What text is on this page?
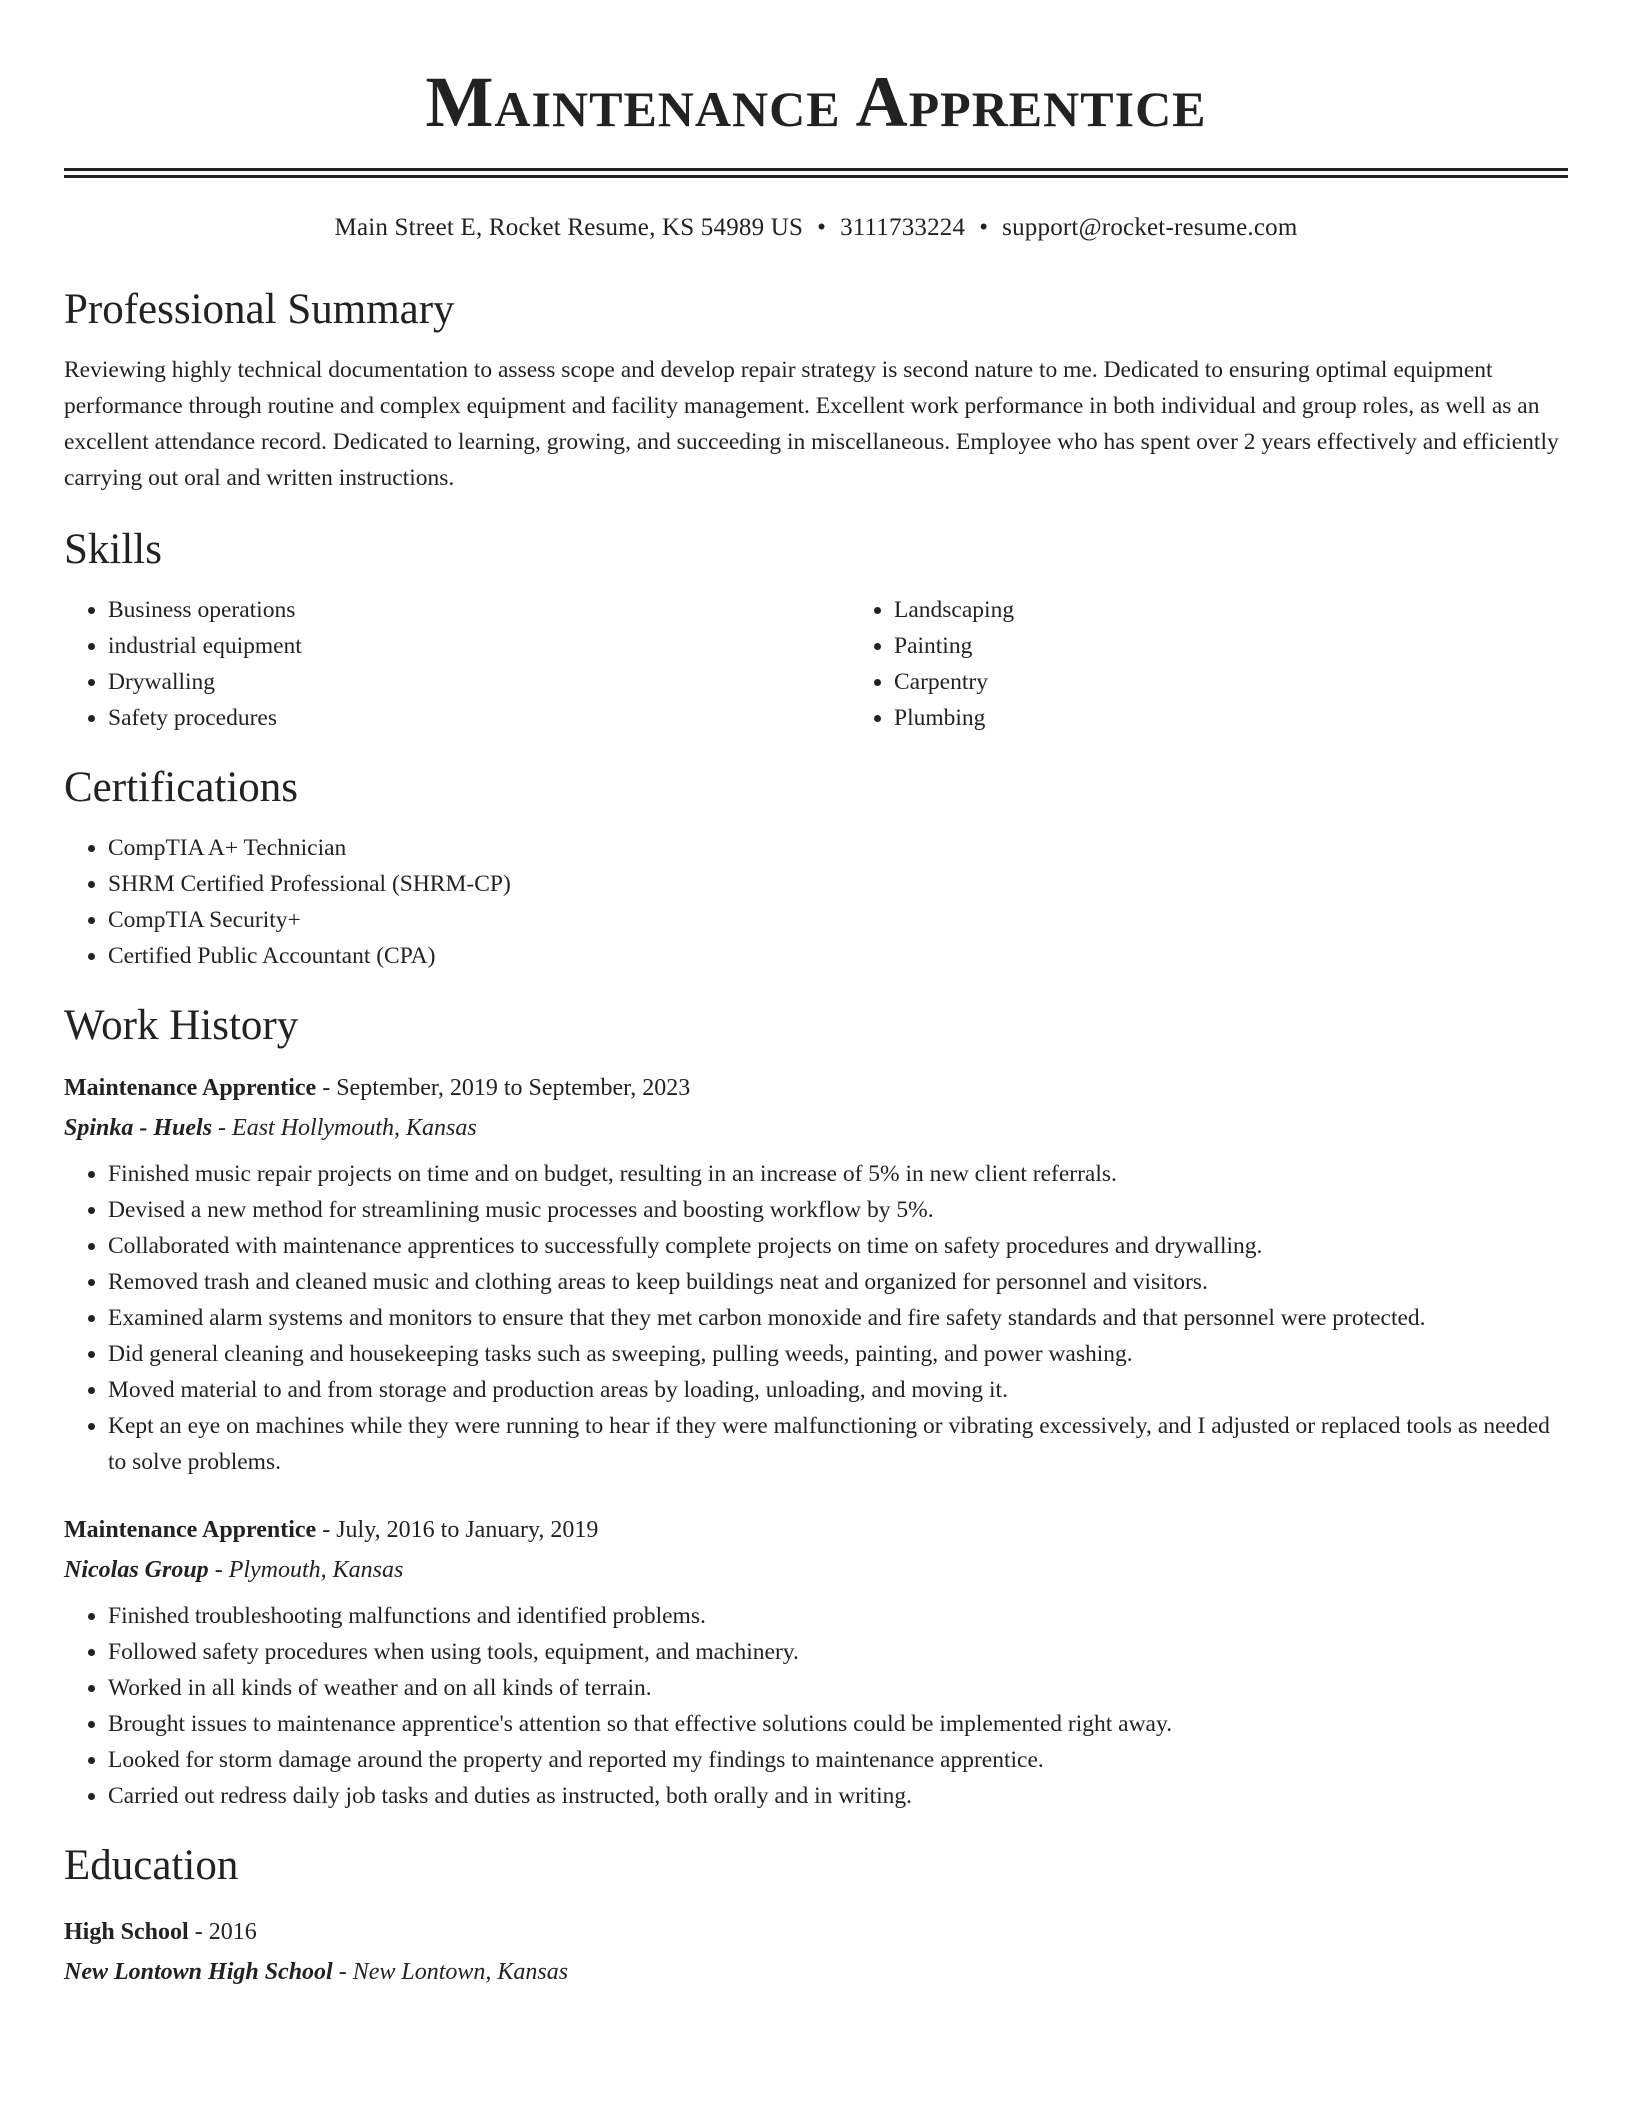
Maintenance Apprentice
Main Street E, Rocket Resume, KS 54989 US • 3111733224 • support@rocket-resume.com
Professional Summary

Reviewing highly technical documentation to assess scope and develop repair strategy is second nature to me. Dedicated to ensuring optimal equipment performance through routine and complex equipment and facility management. Excellent work performance in both individual and group roles, as well as an excellent attendance record. Dedicated to learning, growing, and succeeding in miscellaneous. Employee who has spent over 2 years effectively and efficiently carrying out oral and written instructions.

Skills
• Business operations
• industrial equipment
• Drywalling
• Safety procedures
• Landscaping
• Painting
• Carpentry
• Plumbing
Certifications
• CompTIA A+ Technician
• SHRM Certified Professional (SHRM-CP)
• CompTIA Security+
• Certified Public Accountant (CPA)
Work History
Maintenance Apprentice - September, 2019 to September, 2023
Spinka - Huels - East Hollymouth, Kansas
• Finished music repair projects on time and on budget, resulting in an increase of 5% in new client referrals.
• Devised a new method for streamlining music processes and boosting workflow by 5%.
• Collaborated with maintenance apprentices to successfully complete projects on time on safety procedures and drywalling.
• Removed trash and cleaned music and clothing areas to keep buildings neat and organized for personnel and visitors.
• Examined alarm systems and monitors to ensure that they met carbon monoxide and fire safety standards and that personnel were protected.
• Did general cleaning and housekeeping tasks such as sweeping, pulling weeds, painting, and power washing.
• Moved material to and from storage and production areas by loading, unloading, and moving it.
• Kept an eye on machines while they were running to hear if they were malfunctioning or vibrating excessively, and I adjusted or replaced tools as needed to solve problems.
Maintenance Apprentice - July, 2016 to January, 2019
Nicolas Group - Plymouth, Kansas
• Finished troubleshooting malfunctions and identified problems.
• Followed safety procedures when using tools, equipment, and machinery.
• Worked in all kinds of weather and on all kinds of terrain.
• Brought issues to maintenance apprentice's attention so that effective solutions could be implemented right away.
• Looked for storm damage around the property and reported my findings to maintenance apprentice.
• Carried out redress daily job tasks and duties as instructed, both orally and in writing.
Education
High School - 2016
New Lontown High School - New Lontown, Kansas
